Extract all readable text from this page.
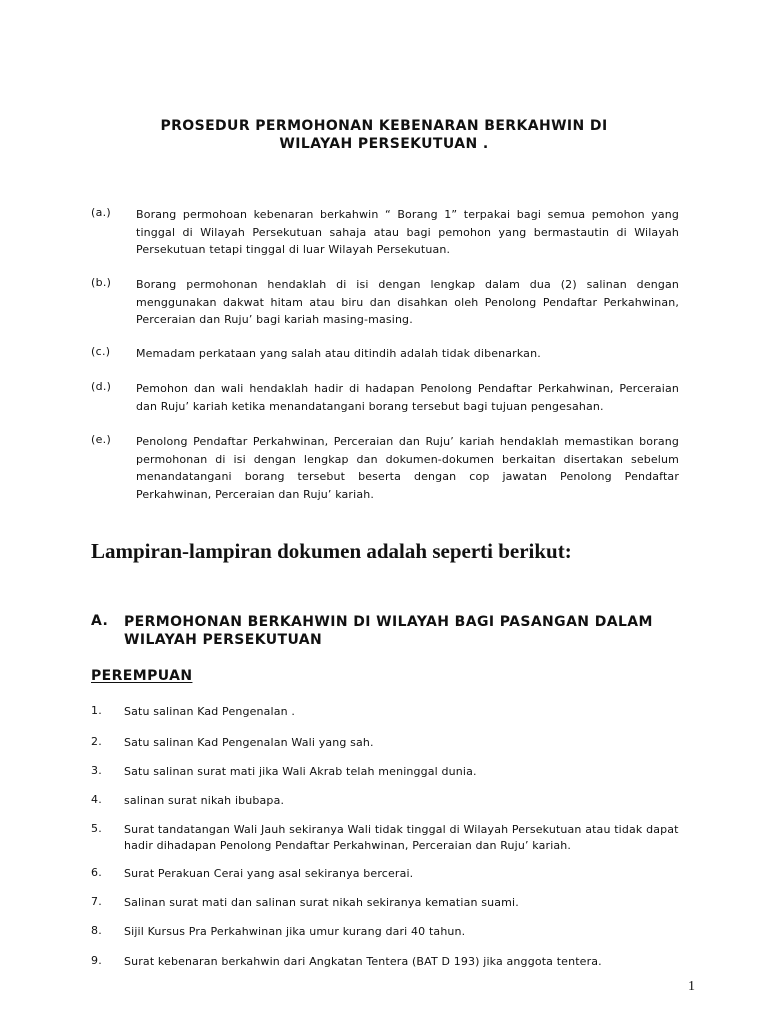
PROSEDUR PERMOHONAN KEBENARAN BERKAHWIN DI
WILAYAH PERSEKUTUAN .
(a.) Borang permohoan kebenaran berkahwin “ Borang 1” terpakai bagi semua pemohon yang tinggal di Wilayah Persekutuan sahaja atau bagi pemohon yang bermastautin di Wilayah Persekutuan tetapi tinggal di luar Wilayah Persekutuan.
(b.) Borang permohonan hendaklah di isi dengan lengkap dalam dua (2) salinan dengan menggunakan dakwat hitam atau biru dan disahkan oleh Penolong Pendaftar Perkahwinan, Perceraian dan Ruju’ bagi kariah masing-masing.
(c.) Memadam perkataan yang salah atau ditindih adalah tidak dibenarkan.
(d.) Pemohon dan wali hendaklah hadir di hadapan Penolong Pendaftar Perkahwinan, Perceraian dan Ruju’ kariah ketika menandatangani borang tersebut bagi tujuan pengesahan.
(e.) Penolong Pendaftar Perkahwinan, Perceraian dan Ruju’ kariah hendaklah memastikan borang permohonan di isi dengan lengkap dan dokumen-dokumen berkaitan disertakan sebelum menandatangani borang tersebut beserta dengan cop jawatan Penolong Pendaftar Perkahwinan, Perceraian dan Ruju’ kariah.
Lampiran-lampiran dokumen adalah seperti berikut:
A. PERMOHONAN BERKAHWIN DI WILAYAH BAGI PASANGAN DALAM WILAYAH PERSEKUTUAN
PEREMPUAN
1. Satu salinan Kad Pengenalan .
2. Satu salinan Kad Pengenalan Wali yang sah.
3. Satu salinan surat mati jika Wali Akrab telah meninggal dunia.
4. salinan surat nikah ibubapa.
5. Surat tandatangan Wali Jauh sekiranya Wali tidak tinggal di Wilayah Persekutuan atau tidak dapat hadir dihadapan Penolong Pendaftar Perkahwinan, Perceraian dan Ruju’ kariah.
6. Surat Perakuan Cerai yang asal sekiranya bercerai.
7. Salinan surat mati dan salinan surat nikah sekiranya kematian suami.
8. Sijil Kursus Pra Perkahwinan jika umur kurang dari 40 tahun.
9. Surat kebenaran berkahwin dari Angkatan Tentera (BAT D 193) jika anggota tentera.
1
